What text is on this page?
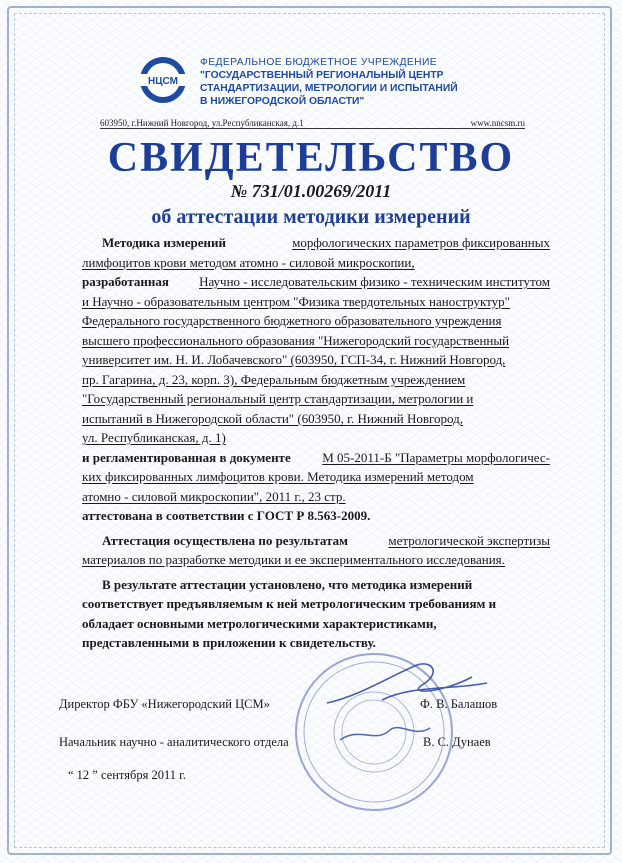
НЦСМ
ФЕДЕРАЛЬНОЕ БЮДЖЕТНОЕ УЧРЕЖДЕНИЕ
"ГОСУДАРСТВЕННЫЙ РЕГИОНАЛЬНЫЙ ЦЕНТР
СТАНДАРТИЗАЦИИ, МЕТРОЛОГИИ И ИСПЫТАНИЙ
В НИЖЕГОРОДСКОЙ ОБЛАСТИ"
603950, г.Нижний Новгород, ул.Республиканская, д.1	www.nncsm.ru
СВИДЕТЕЛЬСТВО
№ 731/01.00269/2011
об аттестации методики измерений
Методика измерений	морфологических параметров фиксированных
лимфоцитов крови методом атомно - силовой микроскопии,
разработанная Научно - исследовательским физико - техническим институтом
и Научно - образовательным центром "Физика твердотельных наноструктур"
Федерального государственного бюджетного образовательного учреждения
высшего профессионального образования "Нижегородский государственный
университет им. Н. И. Лобачевского" (603950, ГСП-34, г. Нижний Новгород,
пр. Гагарина, д. 23, корп. 3), Федеральным бюджетным учреждением
"Государственный региональный центр стандартизации, метрологии и
испытаний в Нижегородской области" (603950, г. Нижний Новгород,
ул. Республиканская, д. 1)
и регламентированная в документе М 05-2011-Б "Параметры морфологичес-
ких фиксированных лимфоцитов крови. Методика измерений методом
атомно - силовой микроскопии", 2011 г., 23 стр.
аттестована в соответствии с ГОСТ Р 8.563-2009.
Аттестация осуществлена по результатам	метрологической экспертизы
материалов по разработке методики и ее экспериментального исследования.
В результате аттестации установлено, что методика измерений
соответствует предъявляемым к ней метрологическим требованиям и
обладает основными метрологическими характеристиками,
представленными в приложении к свидетельству.
Директор ФБУ «Нижегородский ЦСМ»	Ф. В. Балашов
Начальник научно - аналитического отдела	В. С. Дунаев
“ 12 ” сентября 2011 г.
